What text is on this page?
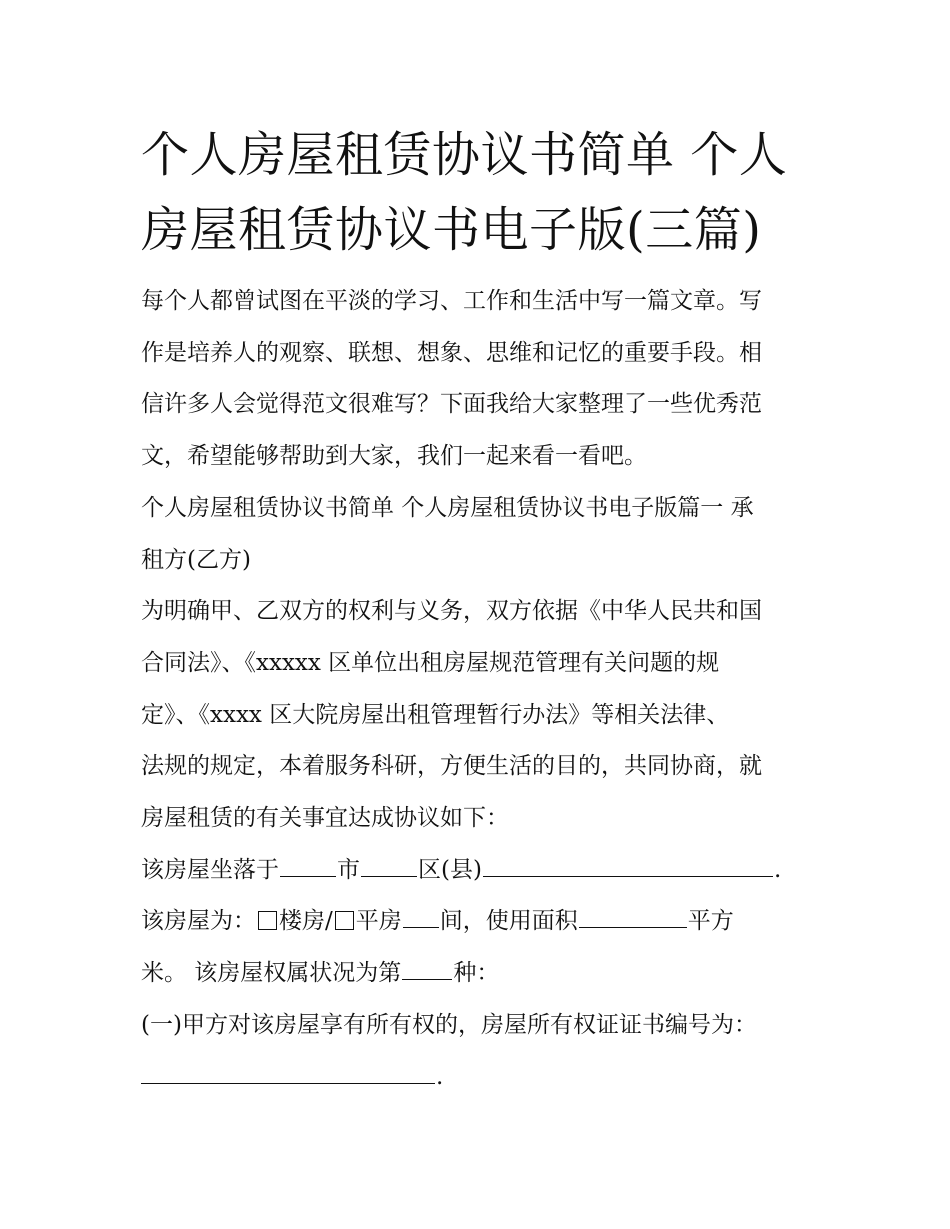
个人房屋租赁协议书简单 个人
房屋租赁协议书电子版(三篇)

每个人都曾试图在平淡的学习、工作和生活中写一篇文章。写
作是培养人的观察、联想、想象、思维和记忆的重要手段。相
信许多人会觉得范文很难写？下面我给大家整理了一些优秀范
文，希望能够帮助到大家，我们一起来看一看吧。

个人房屋租赁协议书简单 个人房屋租赁协议书电子版篇一 承
租方(乙方)

为明确甲、乙双方的权利与义务，双方依据《中华人民共和国
合同法》、《xxxxx 区单位出租房屋规范管理有关问题的规
定》、《xxxx 区大院房屋出租管理暂行办法》等相关法律、
法规的规定，本着服务科研，方便生活的目的，共同协商，就
房屋租赁的有关事宜达成协议如下：

该房屋坐落于	市	区(县)	.

该房屋为： 楼房/ 平房 间，使用面积	平方
米。 该房屋权属状况为第 种：

(一)甲方对该房屋享有所有权的，房屋所有权证证书编号为：
.
